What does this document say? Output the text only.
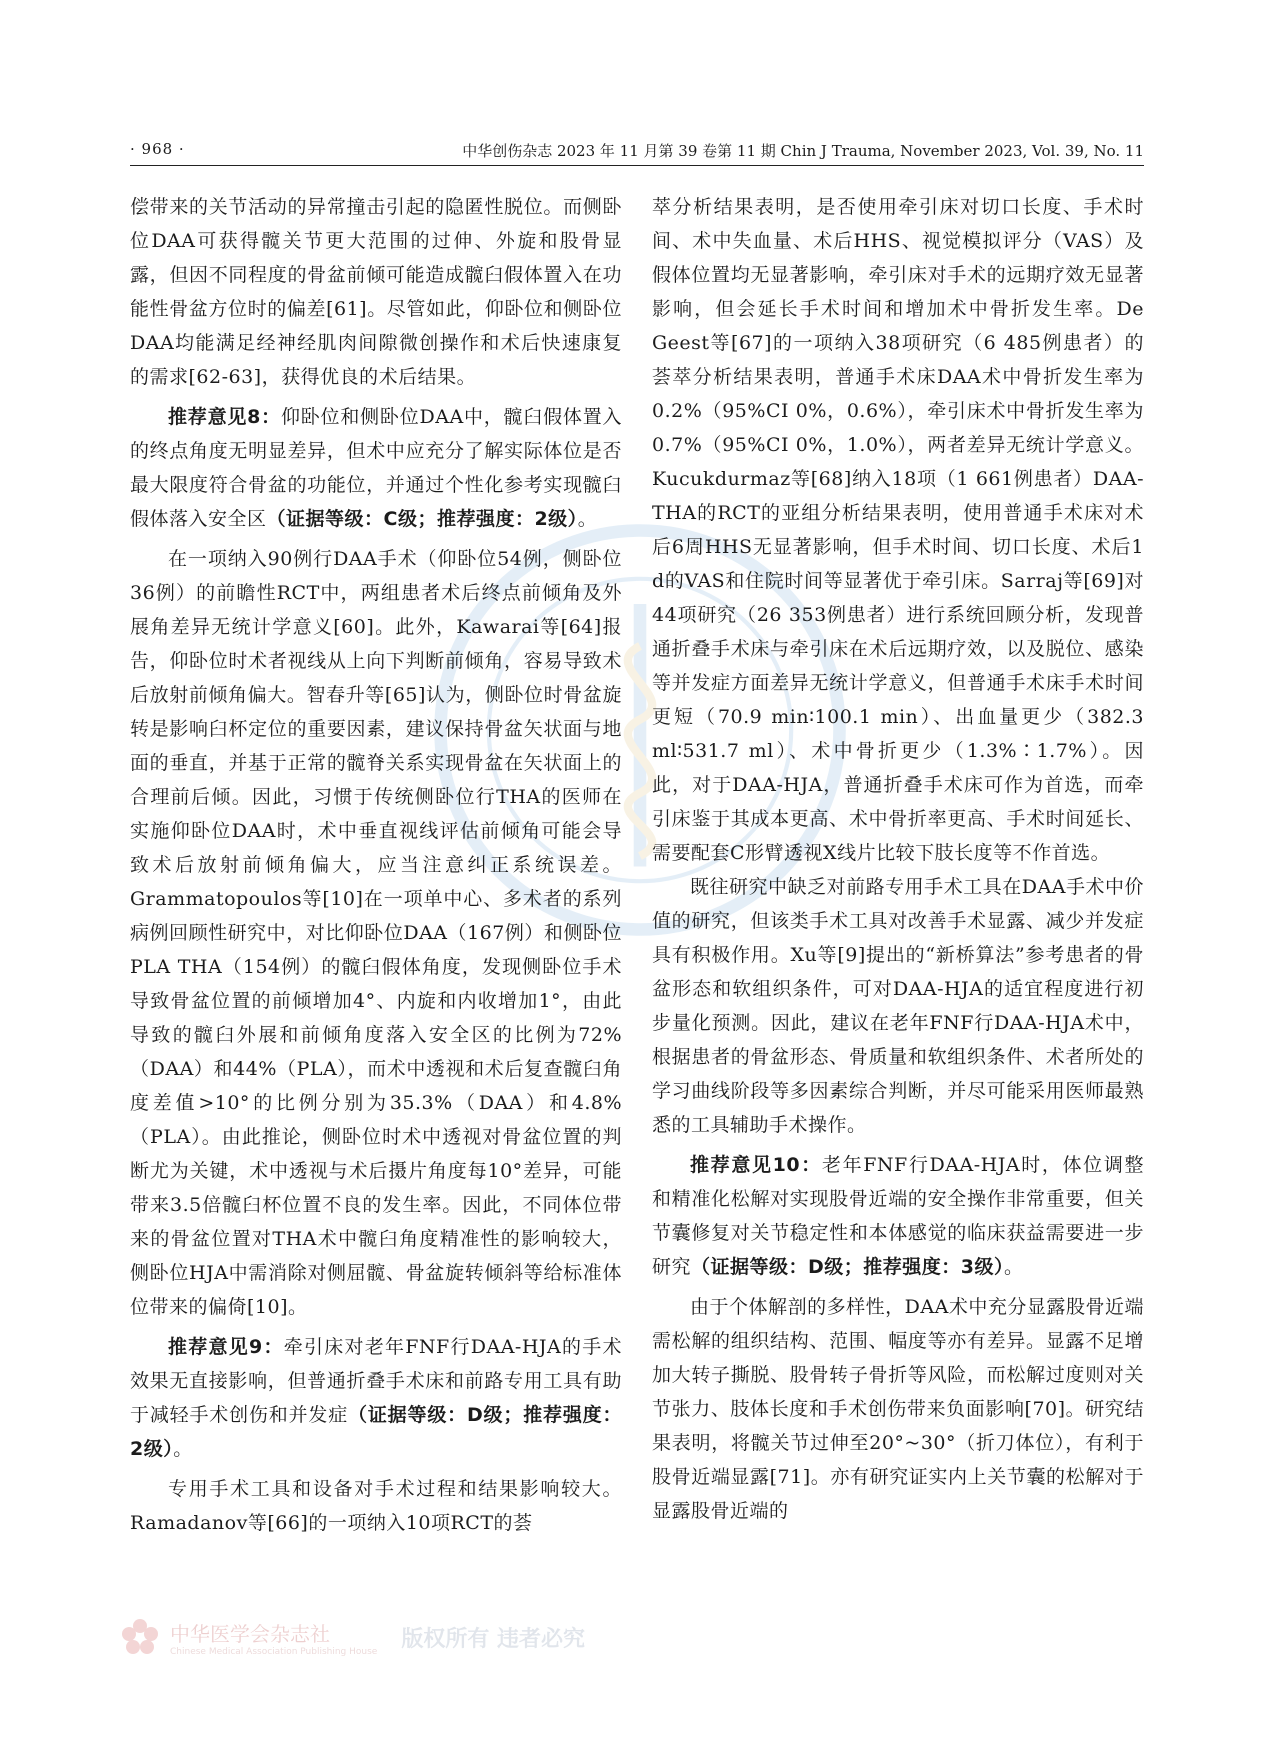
· 968 ·	中华创伤杂志 2023 年 11 月第 39 卷第 11 期 Chin J Trauma, November 2023, Vol. 39, No. 11

偿带来的关节活动的异常撞击引起的隐匿性脱位。而侧卧位DAA可获得髋关节更大范围的过伸、外旋和股骨显露，但因不同程度的骨盆前倾可能造成髋臼假体置入在功能性骨盆方位时的偏差[61]。尽管如此，仰卧位和侧卧位DAA均能满足经神经肌肉间隙微创操作和术后快速康复的需求[62-63]，获得优良的术后结果。

推荐意见8：仰卧位和侧卧位DAA中，髋臼假体置入的终点角度无明显差异，但术中应充分了解实际体位是否最大限度符合骨盆的功能位，并通过个性化参考实现髋臼假体落入安全区（证据等级：C级；推荐强度：2级）。

在一项纳入90例行DAA手术（仰卧位54例，侧卧位36例）的前瞻性RCT中，两组患者术后终点前倾角及外展角差异无统计学意义[60]。此外，Kawarai等[64]报告，仰卧位时术者视线从上向下判断前倾角，容易导致术后放射前倾角偏大。智春升等[65]认为，侧卧位时骨盆旋转是影响臼杯定位的重要因素，建议保持骨盆矢状面与地面的垂直，并基于正常的髋脊关系实现骨盆在矢状面上的合理前后倾。因此，习惯于传统侧卧位行THA的医师在实施仰卧位DAA时，术中垂直视线评估前倾角可能会导致术后放射前倾角偏大，应当注意纠正系统误差。Grammatopoulos等[10]在一项单中心、多术者的系列病例回顾性研究中，对比仰卧位DAA（167例）和侧卧位PLA THA（154例）的髋臼假体角度，发现侧卧位手术导致骨盆位置的前倾增加4°、内旋和内收增加1°，由此导致的髋臼外展和前倾角度落入安全区的比例为72%（DAA）和44%（PLA），而术中透视和术后复查髋臼角度差值>10°的比例分别为35.3%（DAA）和4.8%（PLA）。由此推论，侧卧位时术中透视对骨盆位置的判断尤为关键，术中透视与术后摄片角度每10°差异，可能带来3.5倍髋臼杯位置不良的发生率。因此，不同体位带来的骨盆位置对THA术中髋臼角度精准性的影响较大，侧卧位HJA中需消除对侧屈髋、骨盆旋转倾斜等给标准体位带来的偏倚[10]。

推荐意见9：牵引床对老年FNF行DAA-HJA的手术效果无直接影响，但普通折叠手术床和前路专用工具有助于减轻手术创伤和并发症（证据等级：D级；推荐强度：2级）。

专用手术工具和设备对手术过程和结果影响较大。Ramadanov等[66]的一项纳入10项RCT的荟

萃分析结果表明，是否使用牵引床对切口长度、手术时间、术中失血量、术后HHS、视觉模拟评分（VAS）及假体位置均无显著影响，牵引床对手术的远期疗效无显著影响，但会延长手术时间和增加术中骨折发生率。De Geest等[67]的一项纳入38项研究（6 485例患者）的荟萃分析结果表明，普通手术床DAA术中骨折发生率为0.2%（95%CI 0%，0.6%），牵引床术中骨折发生率为0.7%（95%CI 0%，1.0%），两者差异无统计学意义。Kucukdurmaz等[68]纳入18项（1 661例患者）DAA-THA的RCT的亚组分析结果表明，使用普通手术床对术后6周HHS无显著影响，但手术时间、切口长度、术后1 d的VAS和住院时间等显著优于牵引床。Sarraj等[69]对44项研究（26 353例患者）进行系统回顾分析，发现普通折叠手术床与牵引床在术后远期疗效，以及脱位、感染等并发症方面差异无统计学意义，但普通手术床手术时间更短（70.9 min∶100.1 min）、出血量更少（382.3 ml∶531.7 ml）、术中骨折更少（1.3%∶1.7%）。因此，对于DAA-HJA，普通折叠手术床可作为首选，而牵引床鉴于其成本更高、术中骨折率更高、手术时间延长、需要配套C形臂透视X线片比较下肢长度等不作首选。

既往研究中缺乏对前路专用手术工具在DAA手术中价值的研究，但该类手术工具对改善手术显露、减少并发症具有积极作用。Xu等[9]提出的“新桥算法”参考患者的骨盆形态和软组织条件，可对DAA-HJA的适宜程度进行初步量化预测。因此，建议在老年FNF行DAA-HJA术中，根据患者的骨盆形态、骨质量和软组织条件、术者所处的学习曲线阶段等多因素综合判断，并尽可能采用医师最熟悉的工具辅助手术操作。

推荐意见10：老年FNF行DAA-HJA时，体位调整和精准化松解对实现股骨近端的安全操作非常重要，但关节囊修复对关节稳定性和本体感觉的临床获益需要进一步研究（证据等级：D级；推荐强度：3级）。

由于个体解剖的多样性，DAA术中充分显露股骨近端需松解的组织结构、范围、幅度等亦有差异。显露不足增加大转子撕脱、股骨转子骨折等风险，而松解过度则对关节张力、肢体长度和手术创伤带来负面影响[70]。研究结果表明，将髋关节过伸至20°~30°（折刀体位），有利于股骨近端显露[71]。亦有研究证实内上关节囊的松解对于显露股骨近端的

中华医学会杂志社
Chinese Medical Association Publishing House 版权所有 违者必究
